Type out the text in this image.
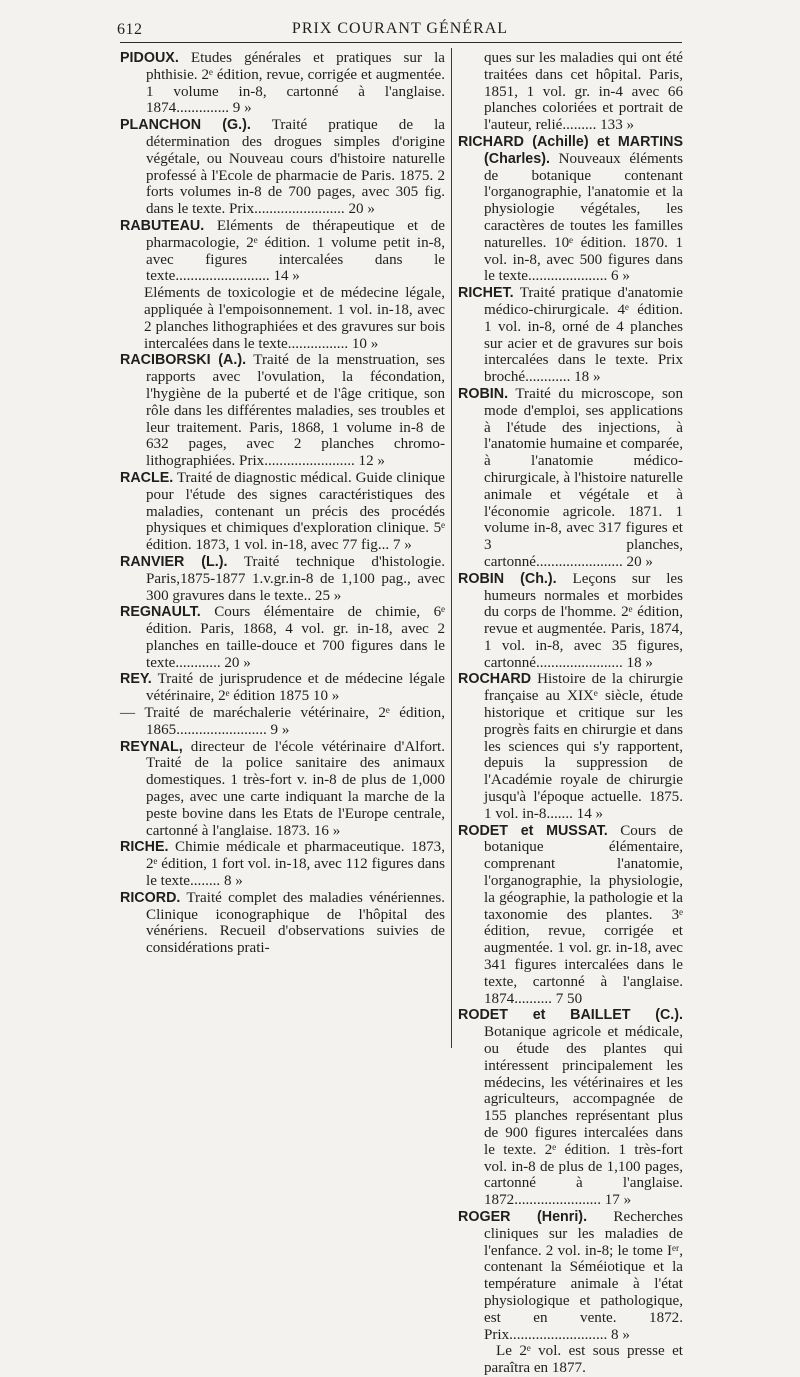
612	PRIX COURANT GÉNÉRAL

PIDOUX. Etudes générales et pratiques sur la phthisie. 2ᵉ édition, revue, corrigée et augmentée. 1 volume in-8, cartonné à l'anglaise. 1874.............. 9 »

PLANCHON (G.). Traité pratique de la détermination des drogues simples d'origine végétale, ou Nouveau cours d'histoire naturelle professé à l'Ecole de pharmacie de Paris. 1875. 2 forts volumes in-8 de 700 pages, avec 305 fig. dans le texte. Prix........................ 20 »

RABUTEAU. Eléments de thérapeutique et de pharmacologie, 2ᵉ édition. 1 volume petit in-8, avec figures intercalées dans le texte......................... 14 »

Eléments de toxicologie et de médecine légale, appliquée à l'empoisonnement. 1 vol. in-18, avec 2 planches lithographiées et des gravures sur bois intercalées dans le texte................ 10 »

RACIBORSKI (A.). Traité de la menstruation, ses rapports avec l'ovulation, la fécondation, l'hygiène de la puberté et de l'âge critique, son rôle dans les différentes maladies, ses troubles et leur traitement. Paris, 1868, 1 volume in-8 de 632 pages, avec 2 planches chromo-lithographiées. Prix........................ 12 »

RACLE. Traité de diagnostic médical. Guide clinique pour l'étude des signes caractéristiques des maladies, contenant un précis des procédés physiques et chimiques d'exploration clinique. 5ᵉ édition. 1873, 1 vol. in-18, avec 77 fig... 7 »

RANVIER (L.). Traité technique d'histologie. Paris,1875-1877 1.v.gr.in-8 de 1,100 pag., avec 300 gravures dans le texte.. 25 »

REGNAULT. Cours élémentaire de chimie, 6ᵉ édition. Paris, 1868, 4 vol. gr. in-18, avec 2 planches en taille-douce et 700 figures dans le texte............ 20 »

REY. Traité de jurisprudence et de médecine légale vétérinaire, 2ᵉ édition 1875 10 »

— Traité de maréchalerie vétérinaire, 2ᵉ édition, 1865........................ 9 »

REYNAL, directeur de l'école vétérinaire d'Alfort. Traité de la police sanitaire des animaux domestiques. 1 très-fort v. in-8 de plus de 1,000 pages, avec une carte indiquant la marche de la peste bovine dans les Etats de l'Europe centrale, cartonné à l'anglaise. 1873. 16 »

RICHE. Chimie médicale et pharmaceutique. 1873, 2ᵉ édition, 1 fort vol. in-18, avec 112 figures dans le texte........ 8 »

RICORD. Traité complet des maladies vénériennes. Clinique iconographique de l'hôpital des vénériens. Recueil d'observations suivies de considérations prati-

ques sur les maladies qui ont été traitées dans cet hôpital. Paris, 1851, 1 vol. gr. in-4 avec 66 planches coloriées et portrait de l'auteur, relié......... 133 »

RICHARD (Achille) et MARTINS (Charles). Nouveaux éléments de botanique contenant l'organographie, l'anatomie et la physiologie végétales, les caractères de toutes les familles naturelles. 10ᵉ édition. 1870. 1 vol. in-8, avec 500 figures dans le texte..................... 6 »

RICHET. Traité pratique d'anatomie médico-chirurgicale. 4ᵉ édition. 1 vol. in-8, orné de 4 planches sur acier et de gravures sur bois intercalées dans le texte. Prix broché............ 18 »

ROBIN. Traité du microscope, son mode d'emploi, ses applications à l'étude des injections, à l'anatomie humaine et comparée, à l'anatomie médico-chirurgicale, à l'histoire naturelle animale et végétale et à l'économie agricole. 1871. 1 volume in-8, avec 317 figures et 3 planches, cartonné....................... 20 »

ROBIN (Ch.). Leçons sur les humeurs normales et morbides du corps de l'homme. 2ᵉ édition, revue et augmentée. Paris, 1874, 1 vol. in-8, avec 35 figures, cartonné....................... 18 »

ROCHARD Histoire de la chirurgie française au XIXᵉ siècle, étude historique et critique sur les progrès faits en chirurgie et dans les sciences qui s'y rapportent, depuis la suppression de l'Académie royale de chirurgie jusqu'à l'époque actuelle. 1875. 1 vol. in-8....... 14 »

RODET et MUSSAT. Cours de botanique élémentaire, comprenant l'anatomie, l'organographie, la physiologie, la géographie, la pathologie et la taxonomie des plantes. 3ᵉ édition, revue, corrigée et augmentée. 1 vol. gr. in-18, avec 341 figures intercalées dans le texte, cartonné à l'anglaise. 1874.......... 7 50

RODET et BAILLET (C.). Botanique agricole et médicale, ou étude des plantes qui intéressent principalement les médecins, les vétérinaires et les agriculteurs, accompagnée de 155 planches représentant plus de 900 figures intercalées dans le texte. 2ᵉ édition. 1 très-fort vol. in-8 de plus de 1,100 pages, cartonné à l'anglaise. 1872....................... 17 »

ROGER (Henri). Recherches cliniques sur les maladies de l'enfance. 2 vol. in-8; le tome Iᵉʳ, contenant la Séméiotique et la température animale à l'état physiologique et pathologique, est en vente. 1872. Prix.......................... 8 »

Le 2ᵉ vol. est sous presse et paraîtra en 1877.
